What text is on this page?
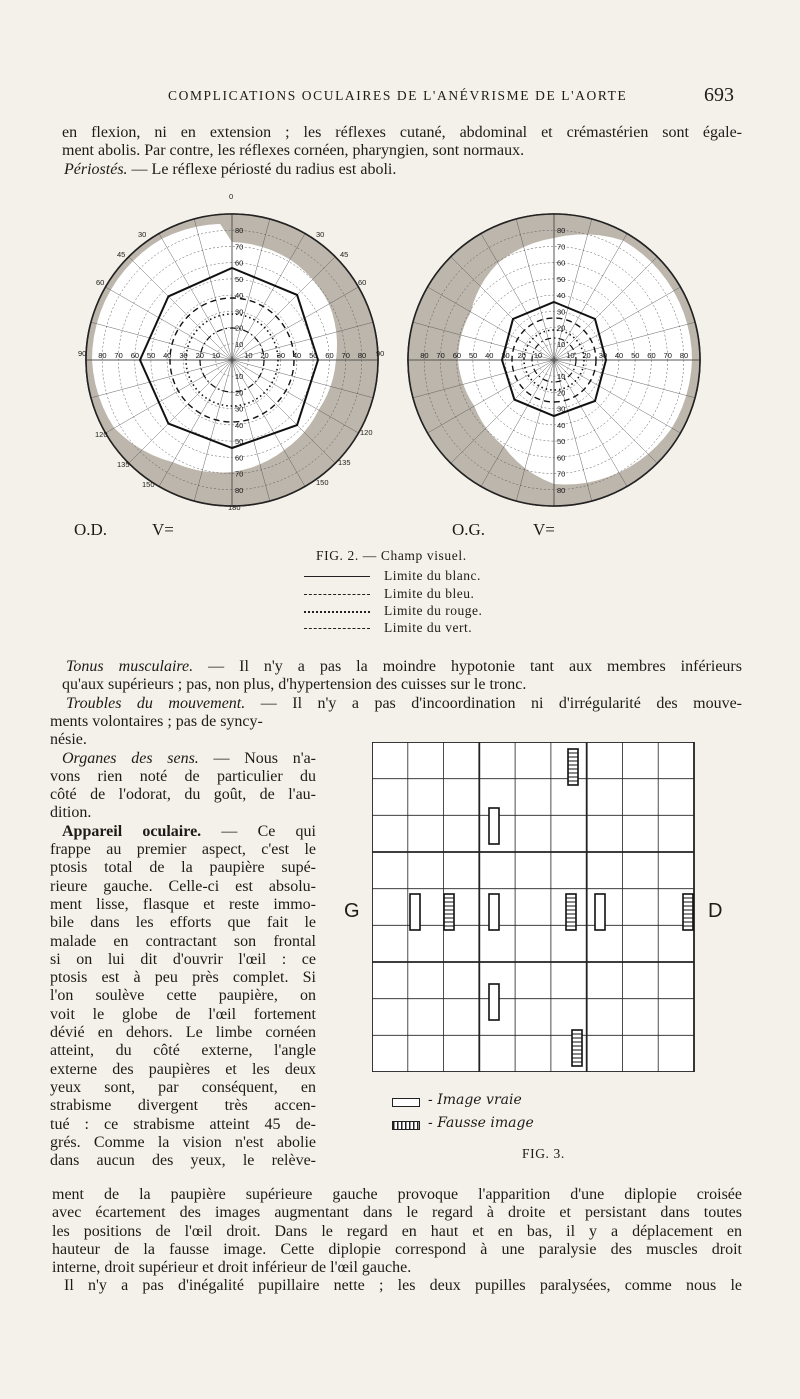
COMPLICATIONS OCULAIRES DE L'ANÉVRISME DE L'AORTE	693

en flexion, ni en extension ; les réflexes cutané, abdominal et crémastérien sont égale-

ment abolis. Par contre, les réflexes cornéen, pharyngien, sont normaux.

Périostés. — Le réflexe périosté du radius est aboli.

10
10
10	10
20
20
20	20
30
30
30	30
40
40
40	40
50
50
50	50
60
60
60	60
70
70
70	70
80
80
80	80
10
10
10	10
20
20
20	20
30
30
30	30
40
40
40	40
50
50
50	50
60
60
60	60
70
70
70	70
80
80
80	80
0
30
45
60
90
120
135
150
180
30
45
60
90
120
135
150
O.D.	V=	O.G.	V=
FIG. 2. — Champ visuel.
Limite du blanc.
Limite du bleu.
Limite du rouge.
Limite du vert.

Tonus musculaire. — Il n'y a pas la moindre hypotonie tant aux membres inférieurs

qu'aux supérieurs ; pas, non plus, d'hypertension des cuisses sur le tronc.

Troubles du mouvement. — Il n'y a pas d'incoordination ni d'irrégularité des mouve-

ments volontaires ; pas de syncy-

nésie.

Organes des sens. — Nous n'a-

vons rien noté de particulier du

côté de l'odorat, du goût, de l'au-

dition.

Appareil oculaire. — Ce qui

frappe au premier aspect, c'est le

ptosis total de la paupière supé-

rieure gauche. Celle-ci est absolu-

ment lisse, flasque et reste immo-

bile dans les efforts que fait le

malade en contractant son frontal

si on lui dit d'ouvrir l'œil : ce

ptosis est à peu près complet. Si

l'on soulève cette paupière, on

voit le globe de l'œil fortement

dévié en dehors. Le limbe cornéen

atteint, du côté externe, l'angle

externe des paupières et les deux

yeux sont, par conséquent, en

strabisme divergent très accen-

tué : ce strabisme atteint 45 de-

grés. Comme la vision n'est abolie

dans aucun des yeux, le relève-

G	D
- Image vraie
- Fausse image
FIG. 3.

ment de la paupière supérieure gauche provoque l'apparition d'une diplopie croisée

avec écartement des images augmentant dans le regard à droite et persistant dans toutes

les positions de l'œil droit. Dans le regard en haut et en bas, il y a déplacement en

hauteur de la fausse image. Cette diplopie correspond à une paralysie des muscles droit

interne, droit supérieur et droit inférieur de l'œil gauche.

Il n'y a pas d'inégalité pupillaire nette ; les deux pupilles paralysées, comme nous le
